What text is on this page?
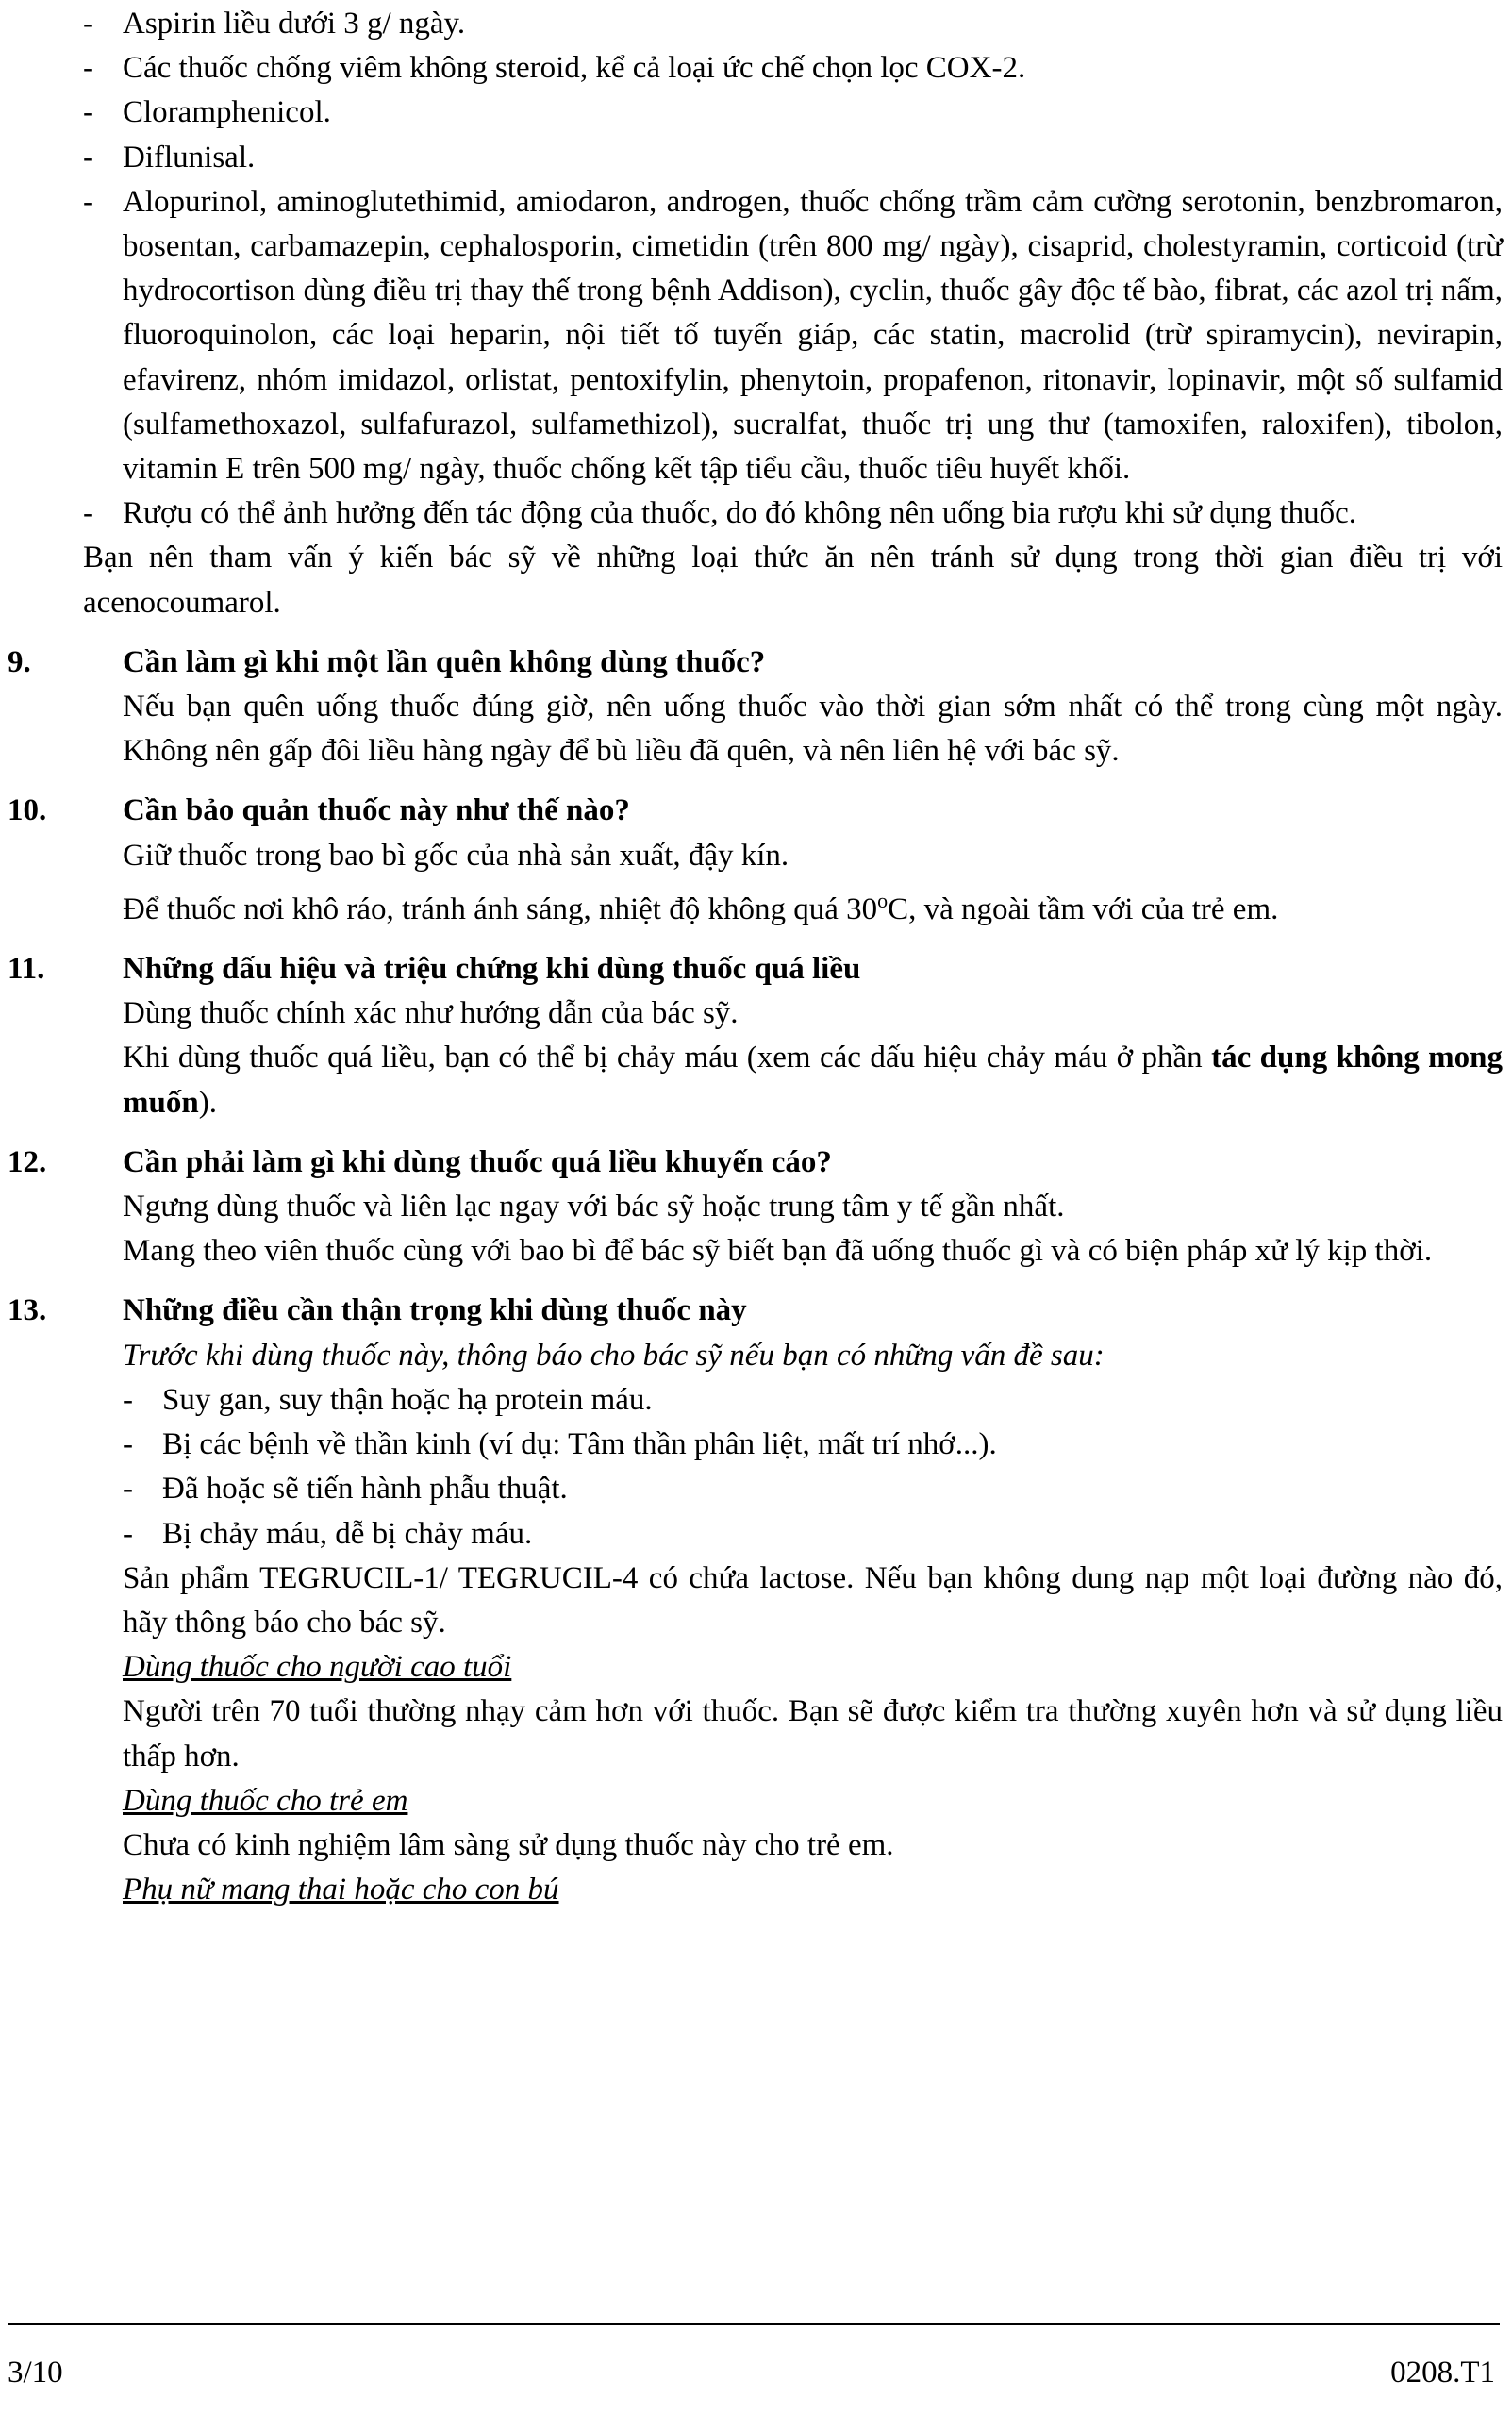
- Aspirin liều dưới 3 g/ ngày.

- Các thuốc chống viêm không steroid, kể cả loại ức chế chọn lọc COX-2.

- Cloramphenicol.

- Diflunisal.

- Alopurinol, aminoglutethimid, amiodaron, androgen, thuốc chống trầm cảm cường serotonin, benzbromaron, bosentan, carbamazepin, cephalosporin, cimetidin (trên 800 mg/ ngày), cisaprid, cholestyramin, corticoid (trừ hydrocortison dùng điều trị thay thế trong bệnh Addison), cyclin, thuốc gây độc tế bào, fibrat, các azol trị nấm, fluoroquinolon, các loại heparin, nội tiết tố tuyến giáp, các statin, macrolid (trừ spiramycin), nevirapin, efavirenz, nhóm imidazol, orlistat, pentoxifylin, phenytoin, propafenon, ritonavir, lopinavir, một số sulfamid (sulfamethoxazol, sulfafurazol, sulfamethizol), sucralfat, thuốc trị ung thư (tamoxifen, raloxifen), tibolon, vitamin E trên 500 mg/ ngày, thuốc chống kết tập tiểu cầu, thuốc tiêu huyết khối.

- Rượu có thể ảnh hưởng đến tác động của thuốc, do đó không nên uống bia rượu khi sử dụng thuốc.

Bạn nên tham vấn ý kiến bác sỹ về những loại thức ăn nên tránh sử dụng trong thời gian điều trị với acenocoumarol.

9.	Cần làm gì khi một lần quên không dùng thuốc?

Nếu bạn quên uống thuốc đúng giờ, nên uống thuốc vào thời gian sớm nhất có thể trong cùng một ngày. Không nên gấp đôi liều hàng ngày để bù liều đã quên, và nên liên hệ với bác sỹ.

10. Cần bảo quản thuốc này như thế nào?

Giữ thuốc trong bao bì gốc của nhà sản xuất, đậy kín.

Để thuốc nơi khô ráo, tránh ánh sáng, nhiệt độ không quá 30$^o$C, và ngoài tầm với của trẻ em.

11.	Những dấu hiệu và triệu chứng khi dùng thuốc quá liều

Dùng thuốc chính xác như hướng dẫn của bác sỹ.

Khi dùng thuốc quá liều, bạn có thể bị chảy máu (xem các dấu hiệu chảy máu ở phần tác dụng không mong muốn).

12. Cần phải làm gì khi dùng thuốc quá liều khuyến cáo?

Ngưng dùng thuốc và liên lạc ngay với bác sỹ hoặc trung tâm y tế gần nhất.

Mang theo viên thuốc cùng với bao bì để bác sỹ biết bạn đã uống thuốc gì và có biện pháp xử lý kịp thời.

13. Những điều cần thận trọng khi dùng thuốc này

Trước khi dùng thuốc này, thông báo cho bác sỹ nếu bạn có những vấn đề sau:

- Suy gan, suy thận hoặc hạ protein máu.

- Bị các bệnh về thần kinh (ví dụ: Tâm thần phân liệt, mất trí nhớ...).

- Đã hoặc sẽ tiến hành phẫu thuật.

- Bị chảy máu, dễ bị chảy máu.

Sản phẩm TEGRUCIL-1/ TEGRUCIL-4 có chứa lactose. Nếu bạn không dung nạp một loại đường nào đó, hãy thông báo cho bác sỹ.

Dùng thuốc cho người cao tuổi

Người trên 70 tuổi thường nhạy cảm hơn với thuốc. Bạn sẽ được kiểm tra thường xuyên hơn và sử dụng liều thấp hơn.

Dùng thuốc cho trẻ em

Chưa có kinh nghiệm lâm sàng sử dụng thuốc này cho trẻ em.

Phụ nữ mang thai hoặc cho con bú

3/10	0208.T1
